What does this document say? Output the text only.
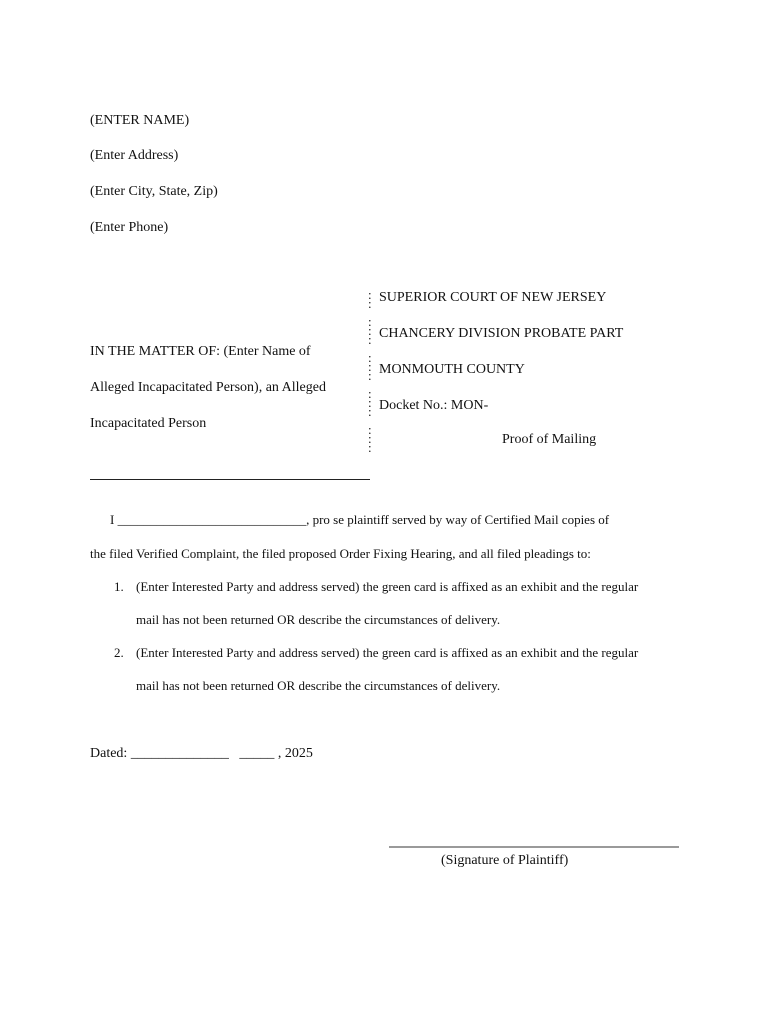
(ENTER NAME)
(Enter Address)
(Enter City, State, Zip)
(Enter Phone)
IN THE MATTER OF: (Enter Name of
Alleged Incapacitated Person), an Alleged
Incapacitated Person
:
:

:
:
:

:
:
:

:
:
:

:
:
:

SUPERIOR COURT OF NEW JERSEY
CHANCERY DIVISION PROBATE PART
MONMOUTH COUNTY
Docket No.: MON-
Proof of Mailing
I _____________________________, pro se plaintiff served by way of Certified Mail copies of
the filed Verified Complaint, the filed proposed Order Fixing Hearing, and all filed pleadings to:
1. (Enter Interested Party and address served) the green card is affixed as an exhibit and the regular
mail has not been returned OR describe the circumstances of delivery.
2. (Enter Interested Party and address served) the green card is affixed as an exhibit and the regular
mail has not been returned OR describe the circumstances of delivery.
Dated: ______________   _____ , 2025
(Signature of Plaintiff)
